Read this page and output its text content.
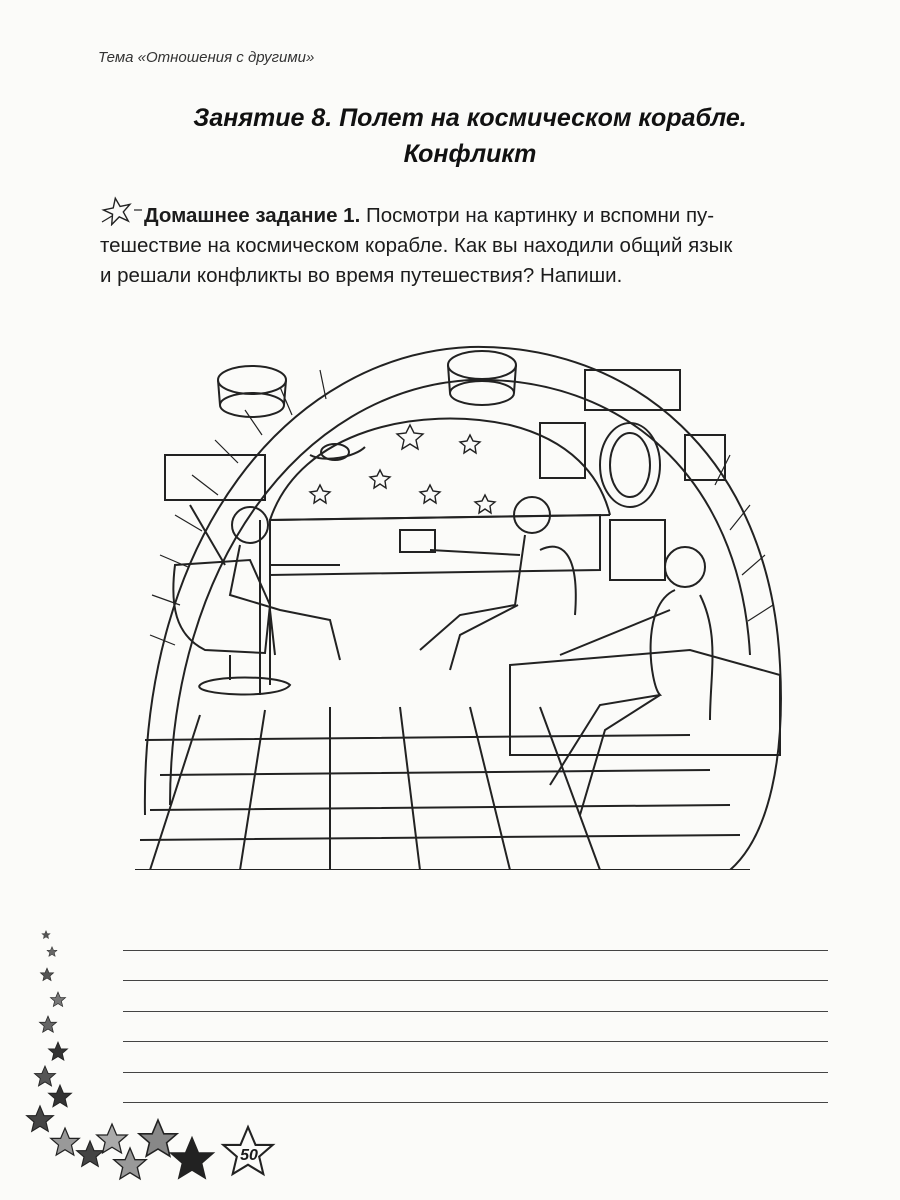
Тема «Отношения с другими»
Занятие 8. Полет на космическом корабле.
Конфликт
Домашнее задание 1. Посмотри на картинку и вспомни пу-
тешествие на космическом корабле. Как вы находили общий язык
и решали конфликты во время путешествия? Напиши.
50
